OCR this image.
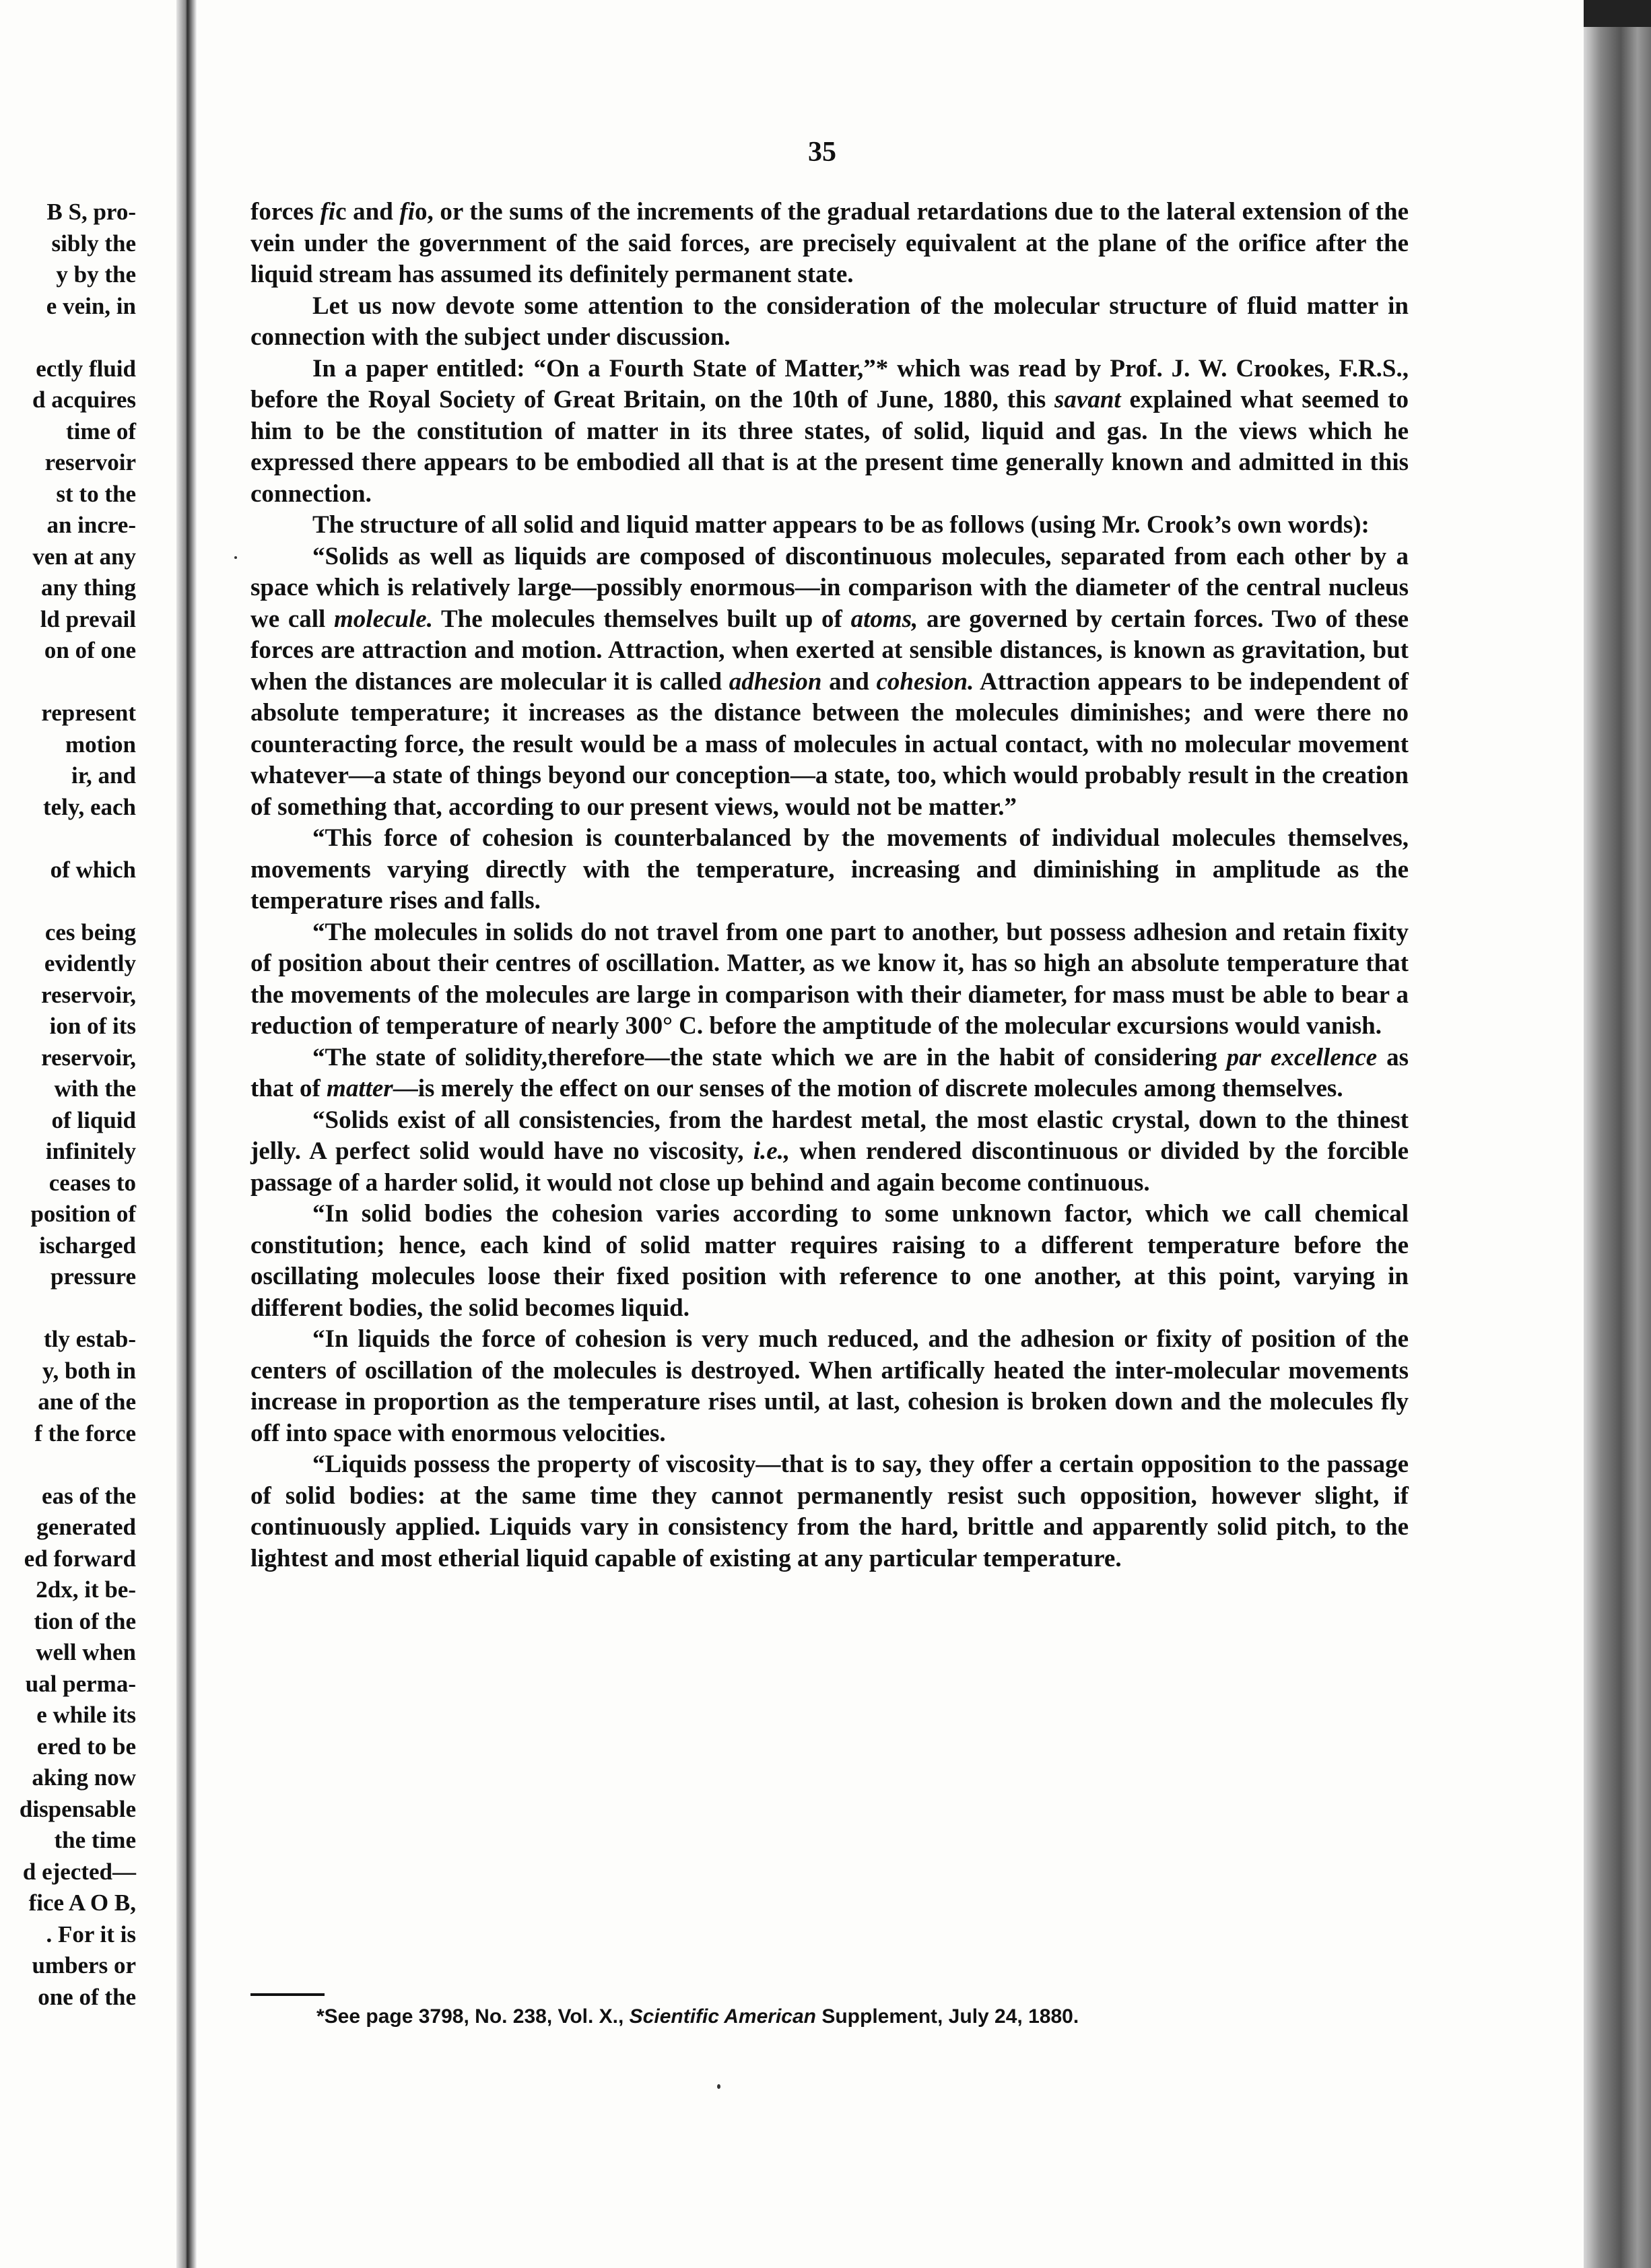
B S, pro-
sibly the
y by the
e vein, in
ectly fluid
d acquires
time of
reservoir
st to the
an incre-
ven at any
any thing
ld prevail
on of one
represent
motion
ir, and
tely, each
of which
ces being
evidently
reservoir,
ion of its
reservoir,
with the
of liquid
infinitely
ceases to
position of
ischarged
pressure
tly estab-
y, both in
ane of the
f the force
eas of the
generated
ed forward
2dx, it be-
tion of the
well when
ual perma-
e while its
ered to be
aking now
dispensable
the time
d ejected—
fice A O B,
. For it is
umbers or
one of the
35

forces fic and fio, or the sums of the increments of the gradual retardations due to the lateral extension of the vein under the government of the said forces, are precisely equivalent at the plane of the orifice after the liquid stream has assumed its definitely permanent state.

Let us now devote some attention to the consideration of the molecular structure of fluid matter in connection with the subject under discussion.

In a paper entitled: “On a Fourth State of Matter,”* which was read by Prof. J. W. Crookes, F.R.S., before the Royal Society of Great Britain, on the 10th of June, 1880, this savant explained what seemed to him to be the constitution of matter in its three states, of solid, liquid and gas. In the views which he expressed there appears to be embodied all that is at the present time generally known and admitted in this connection.

The structure of all solid and liquid matter appears to be as follows (using Mr. Crook’s own words):

“Solids as well as liquids are composed of discontinuous molecules, separated from each other by a space which is relatively large—possibly enormous—in comparison with the diameter of the central nucleus we call molecule. The molecules themselves built up of atoms, are governed by certain forces. Two of these forces are attraction and motion. Attraction, when exerted at sensible distances, is known as gravitation, but when the distances are molecular it is called adhesion and cohesion. Attraction appears to be independent of absolute temperature; it increases as the distance between the molecules diminishes; and were there no counteracting force, the result would be a mass of molecules in actual contact, with no molecular movement whatever—a state of things beyond our conception—a state, too, which would probably result in the creation of something that, according to our present views, would not be matter.”

“This force of cohesion is counterbalanced by the movements of individual molecules themselves, movements varying directly with the temperature, increasing and diminishing in amplitude as the temperature rises and falls.

“The molecules in solids do not travel from one part to another, but possess adhesion and retain fixity of position about their centres of oscillation. Matter, as we know it, has so high an absolute temperature that the movements of the molecules are large in comparison with their diameter, for mass must be able to bear a reduction of temperature of nearly 300° C. before the amptitude of the molecular excursions would vanish.

“The state of solidity,therefore—the state which we are in the habit of considering par excellence as that of matter—is merely the effect on our senses of the motion of discrete molecules among themselves.

“Solids exist of all consistencies, from the hardest metal, the most elastic crystal, down to the thinest jelly. A perfect solid would have no viscosity, i.e., when rendered discontinuous or divided by the forcible passage of a harder solid, it would not close up behind and again become continuous.

“In solid bodies the cohesion varies according to some unknown factor, which we call chemical constitution; hence, each kind of solid matter requires raising to a different temperature before the oscillating molecules loose their fixed position with reference to one another, at this point, varying in different bodies, the solid becomes liquid.

“In liquids the force of cohesion is very much reduced, and the adhesion or fixity of position of the centers of oscillation of the molecules is destroyed. When artifically heated the inter-molecular movements increase in proportion as the temperature rises until, at last, cohesion is broken down and the molecules fly off into space with enormous velocities.

“Liquids possess the property of viscosity—that is to say, they offer a certain opposition to the passage of solid bodies: at the same time they cannot permanently resist such opposition, however slight, if continuously applied. Liquids vary in consistency from the hard, brittle and apparently solid pitch, to the lightest and most etherial liquid capable of existing at any particular temperature.

*See page 3798, No. 238, Vol. X., Scientific American Supplement, July 24, 1880.
